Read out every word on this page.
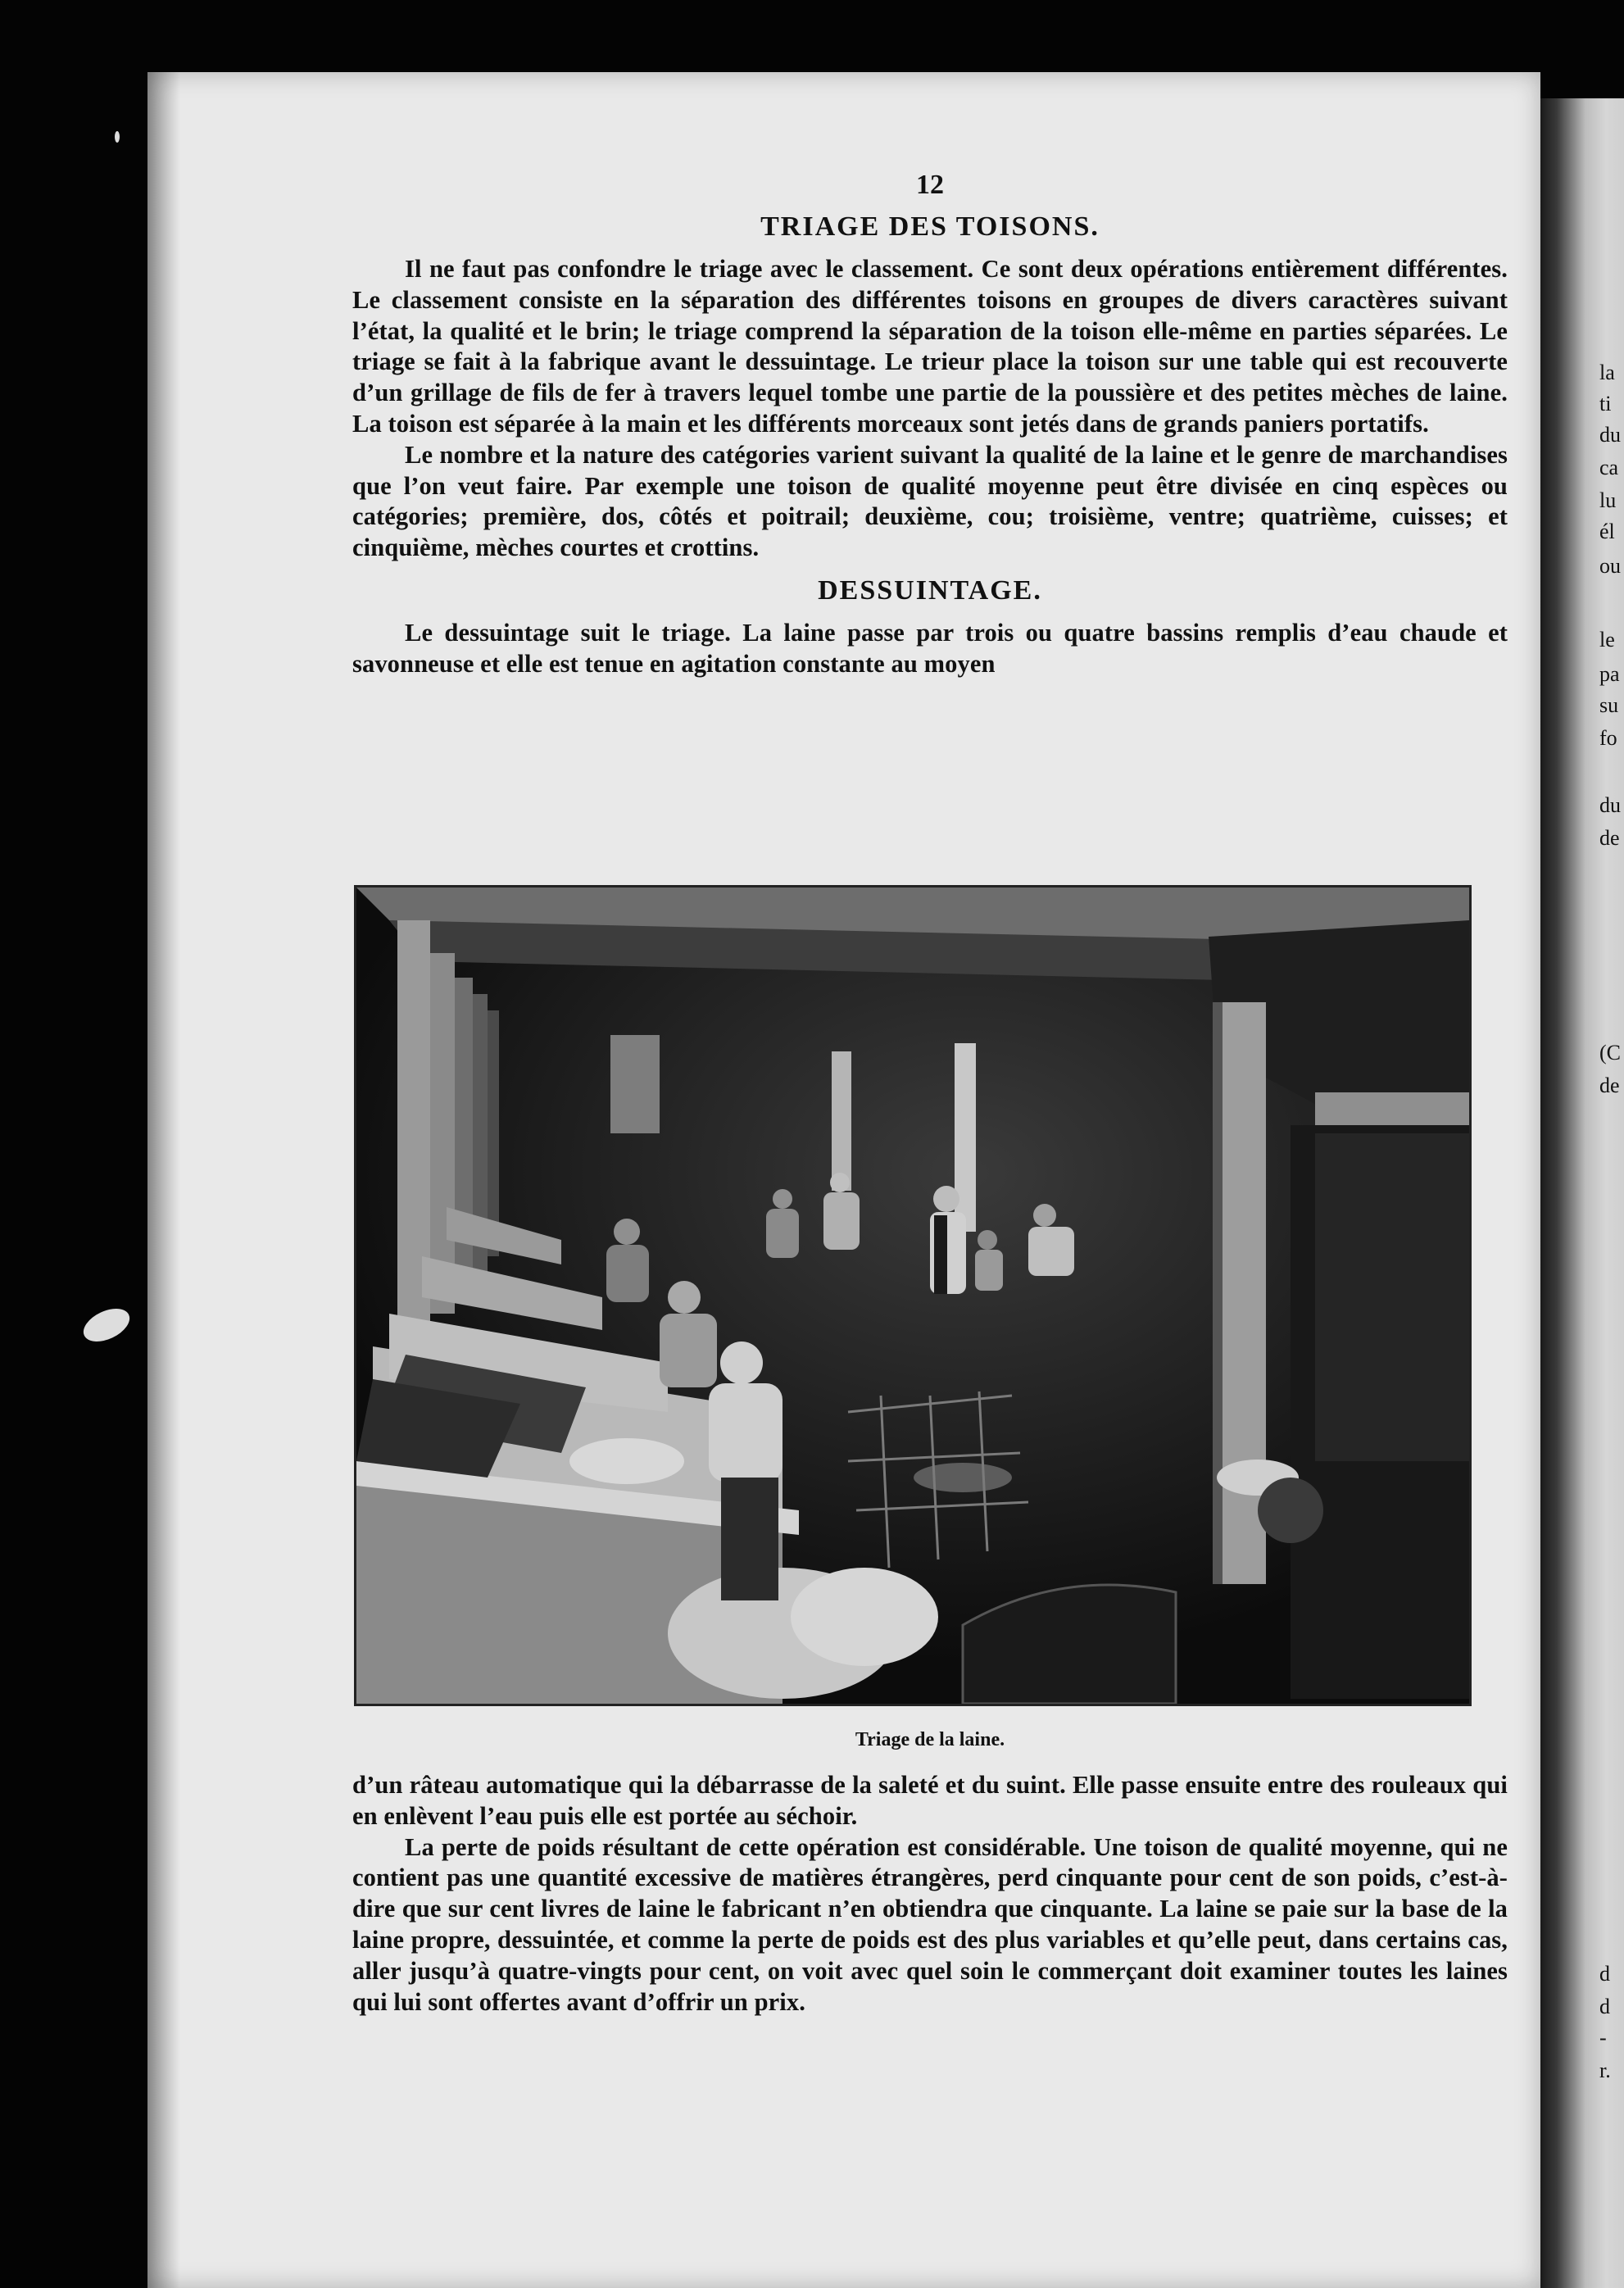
la
ti
du
ca
lu
él
ou
le
pa
su
fo
du
de
(C
de
d
d
-
r.

12

TRIAGE DES TOISONS.

Il ne faut pas confondre le triage avec le classement. Ce sont deux opérations entièrement différentes. Le classement consiste en la séparation des différentes toisons en groupes de divers caractères suivant l’état, la qualité et le brin; le triage comprend la séparation de la toison elle-même en parties séparées. Le triage se fait à la fabrique avant le dessuintage. Le trieur place la toison sur une table qui est recouverte d’un grillage de fils de fer à travers lequel tombe une partie de la poussière et des petites mèches de laine. La toison est séparée à la main et les différents morceaux sont jetés dans de grands paniers portatifs.

Le nombre et la nature des catégories varient suivant la qualité de la laine et le genre de marchandises que l’on veut faire. Par exemple une toison de qualité moyenne peut être divisée en cinq espèces ou catégories; première, dos, côtés et poitrail; deuxième, cou; troisième, ventre; quatrième, cuisses; et cinquième, mèches courtes et crottins.

DESSUINTAGE.

Le dessuintage suit le triage. La laine passe par trois ou quatre bassins remplis d’eau chaude et savonneuse et elle est tenue en agitation constante au moyen

Triage de la laine.

d’un râteau automatique qui la débarrasse de la saleté et du suint. Elle passe ensuite entre des rouleaux qui en enlèvent l’eau puis elle est portée au séchoir.

La perte de poids résultant de cette opération est considérable. Une toison de qualité moyenne, qui ne contient pas une quantité excessive de matières étrangères, perd cinquante pour cent de son poids, c’est-à-dire que sur cent livres de laine le fabricant n’en obtiendra que cinquante. La laine se paie sur la base de la laine propre, dessuintée, et comme la perte de poids est des plus variables et qu’elle peut, dans certains cas, aller jusqu’à quatre-vingts pour cent, on voit avec quel soin le commerçant doit examiner toutes les laines qui lui sont offertes avant d’offrir un prix.
